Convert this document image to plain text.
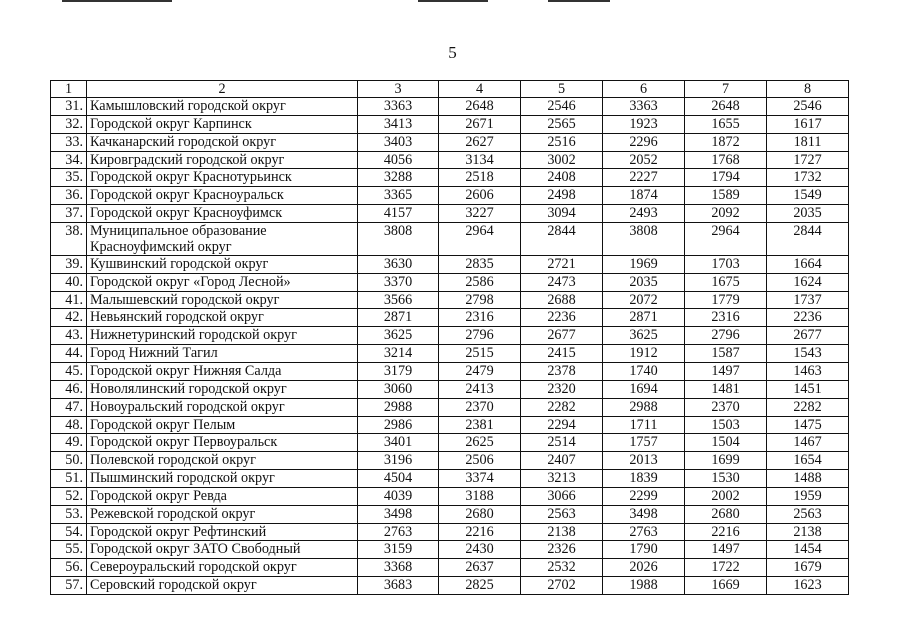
5
1	2	3	4	5	6	7	8
31.	Камышловский городской округ	3363	2648	2546	3363	2648	2546
32.	Городской округ Карпинск	3413	2671	2565	1923	1655	1617
33.	Качканарский городской округ	3403	2627	2516	2296	1872	1811
34.	Кировградский городской округ	4056	3134	3002	2052	1768	1727
35.	Городской округ Краснотурьинск	3288	2518	2408	2227	1794	1732
36.	Городской округ Красноуральск	3365	2606	2498	1874	1589	1549
37.	Городской округ Красноуфимск	4157	3227	3094	2493	2092	2035
38.	Муниципальное образование Красноуфимский округ	3808	2964	2844	3808	2964	2844
39.	Кушвинский городской округ	3630	2835	2721	1969	1703	1664
40.	Городской округ «Город Лесной»	3370	2586	2473	2035	1675	1624
41.	Малышевский городской округ	3566	2798	2688	2072	1779	1737
42.	Невьянский городской округ	2871	2316	2236	2871	2316	2236
43.	Нижнетуринский городской округ	3625	2796	2677	3625	2796	2677
44.	Город Нижний Тагил	3214	2515	2415	1912	1587	1543
45.	Городской округ Нижняя Салда	3179	2479	2378	1740	1497	1463
46.	Новолялинский городской округ	3060	2413	2320	1694	1481	1451
47.	Новоуральский городской округ	2988	2370	2282	2988	2370	2282
48.	Городской округ Пелым	2986	2381	2294	1711	1503	1475
49.	Городской округ Первоуральск	3401	2625	2514	1757	1504	1467
50.	Полевской городской округ	3196	2506	2407	2013	1699	1654
51.	Пышминский городской округ	4504	3374	3213	1839	1530	1488
52.	Городской округ Ревда	4039	3188	3066	2299	2002	1959
53.	Режевской городской округ	3498	2680	2563	3498	2680	2563
54.	Городской округ Рефтинский	2763	2216	2138	2763	2216	2138
55.	Городской округ ЗАТО Свободный	3159	2430	2326	1790	1497	1454
56.	Североуральский городской округ	3368	2637	2532	2026	1722	1679
57.	Серовский городской округ	3683	2825	2702	1988	1669	1623
